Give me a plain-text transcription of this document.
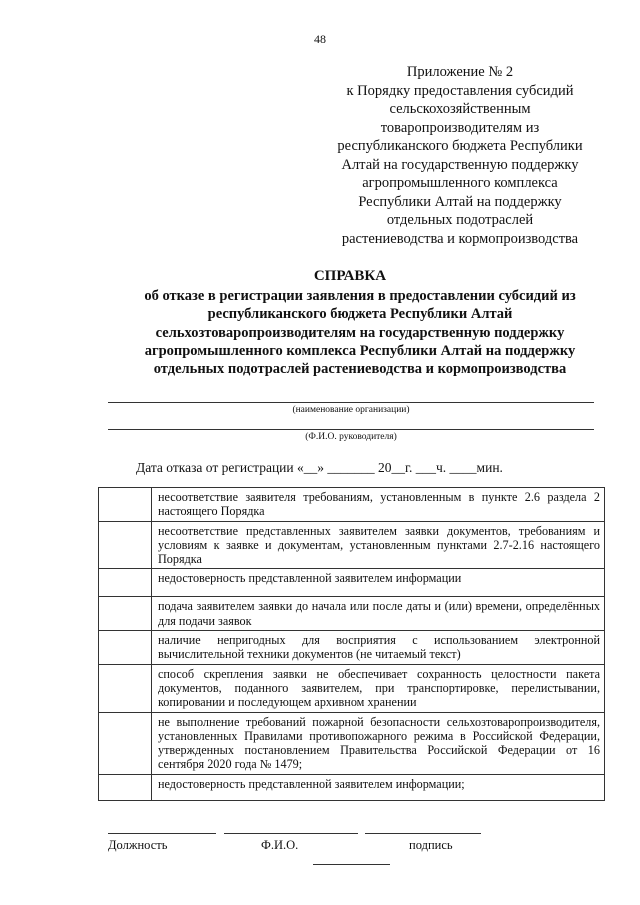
48
Приложение № 2
к Порядку предоставления субсидий
сельскохозяйственным
товаропроизводителям из
республиканского бюджета Республики
Алтай на государственную поддержку
агропромышленного комплекса
Республики Алтай на поддержку
отдельных подотраслей
растениеводства и кормопроизводства
СПРАВКА
об отказе в регистрации заявления в предоставлении субсидий из
республиканского бюджета Республики Алтай
сельхозтоваропроизводителям на государственную поддержку
агропромышленного комплекса Республики Алтай на поддержку
отдельных подотраслей растениеводства и кормопроизводства
(наименование организации)
(Ф.И.О. руководителя)
Дата отказа от регистрации «__» _______ 20__г. ___ч. ____мин.
	несоответствие заявителя требованиям, установленным в пункте 2.6 раздела 2 настоящего Порядка
	несоответствие представленных заявителем заявки документов, требованиям и условиям к заявке и документам, установленным пунктами 2.7-2.16 настоящего Порядка
	недостоверность представленной заявителем информации
	подача заявителем заявки до начала или после даты и (или) времени, определённых для подачи заявок
	наличие непригодных для восприятия с использованием электронной вычислительной техники документов (не читаемый текст)
	способ скрепления заявки не обеспечивает сохранность целостности пакета документов, поданного заявителем, при транспортировке, перелистывании, копировании и последующем архивном хранении
	не выполнение требований пожарной безопасности сельхозтоваропроизводителя, установленных Правилами противопожарного режима в Российской Федерации, утвержденных постановлением Правительства Российской Федерации от 16 сентября 2020 года № 1479;
	недостоверность представленной заявителем информации;
Должность	Ф.И.О.	подпись
